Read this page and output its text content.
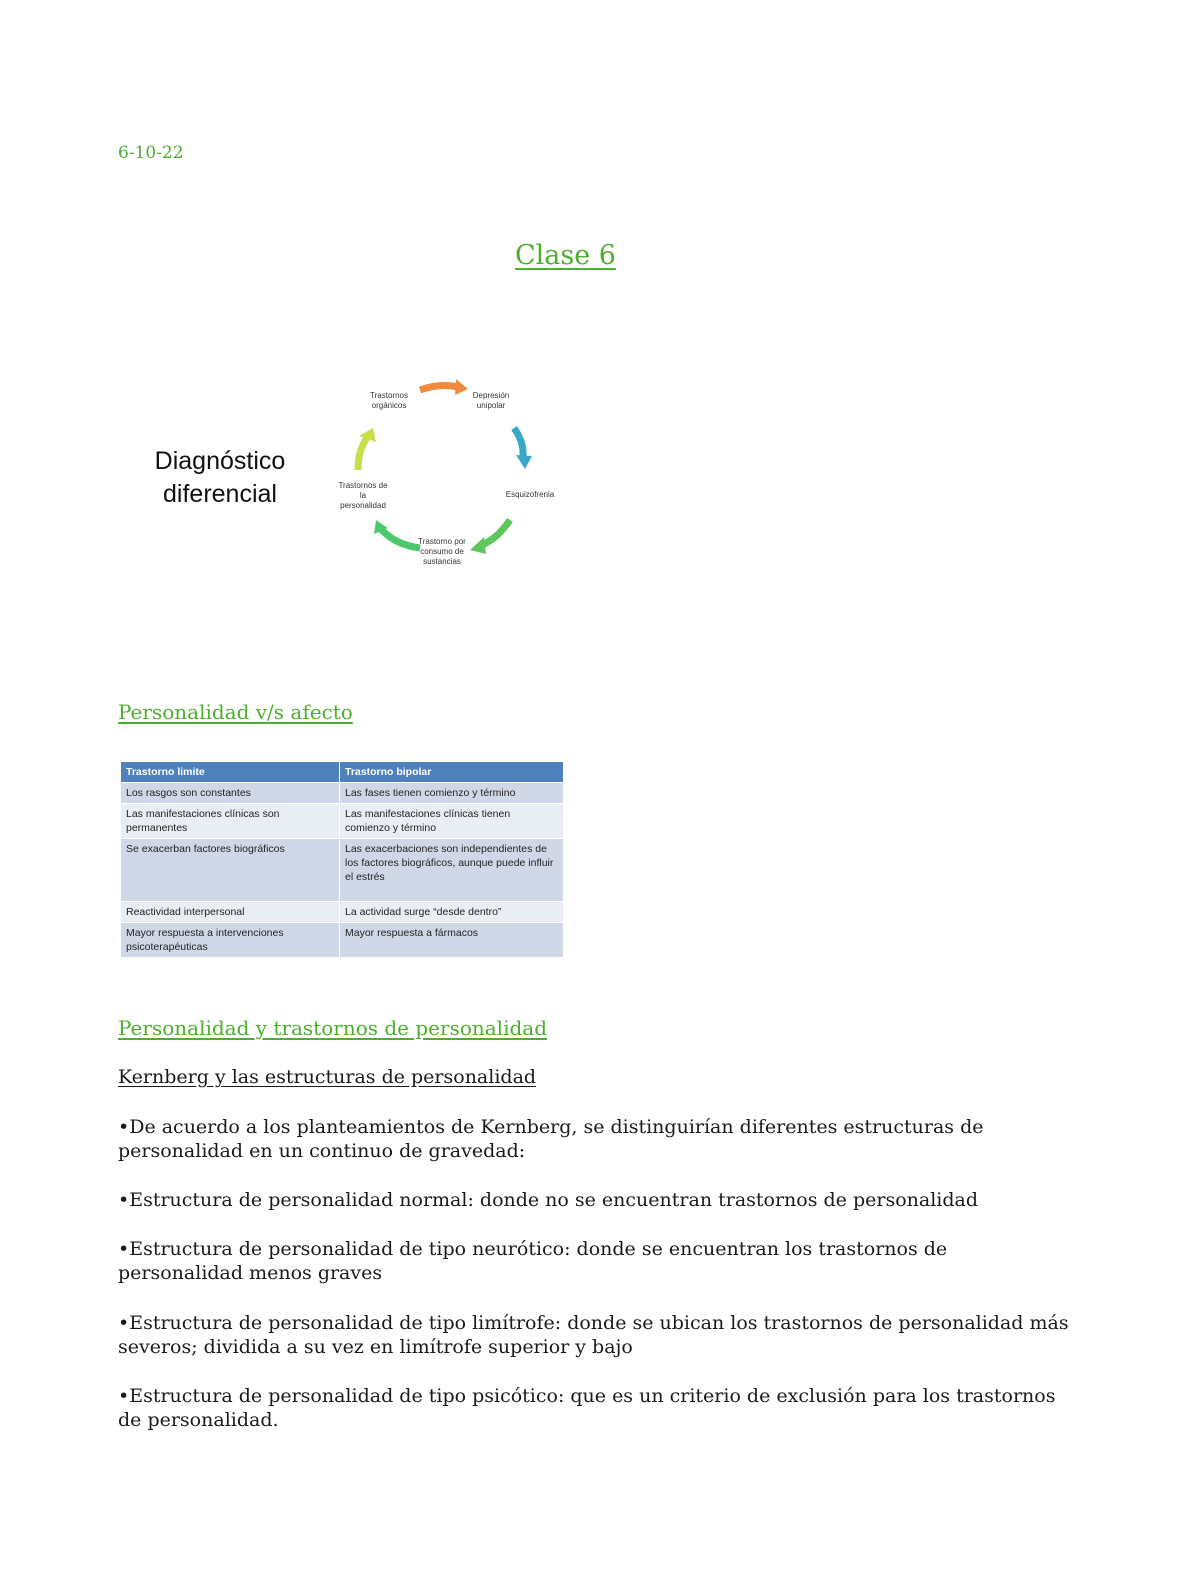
6-10-22
Clase 6
Diagnóstico
diferencial
Trastornos
orgánicos
Depresión
unipolar
Esquizofrenia
Trastorno por
consumo de
sustancias
Trastornos de
la
personalidad
Personalidad v/s afecto
Trastorno limite	Trastorno bipolar
Los rasgos son constantes	Las fases tienen comienzo y término
Las manifestaciones clínicas son permanentes	Las manifestaciones clínicas tienen comienzo y término
Se exacerban factores biográficos	Las exacerbaciones son independientes de los factores biográficos, aunque puede influir el estrés
Reactividad interpersonal	La actividad surge “desde dentro”
Mayor respuesta a intervenciones psicoterapéuticas	Mayor respuesta a fármacos
Personalidad y trastornos de personalidad
Kernberg y las estructuras de personalidad

•De acuerdo a los planteamientos de Kernberg, se distinguirían diferentes estructuras de personalidad en un continuo de gravedad:

•Estructura de personalidad normal: donde no se encuentran trastornos de personalidad

•Estructura de personalidad de tipo neurótico: donde se encuentran los trastornos de personalidad menos graves

•Estructura de personalidad de tipo limítrofe: donde se ubican los trastornos de personalidad más severos; dividida a su vez en limítrofe superior y bajo

•Estructura de personalidad de tipo psicótico: que es un criterio de exclusión para los trastornos de personalidad.
